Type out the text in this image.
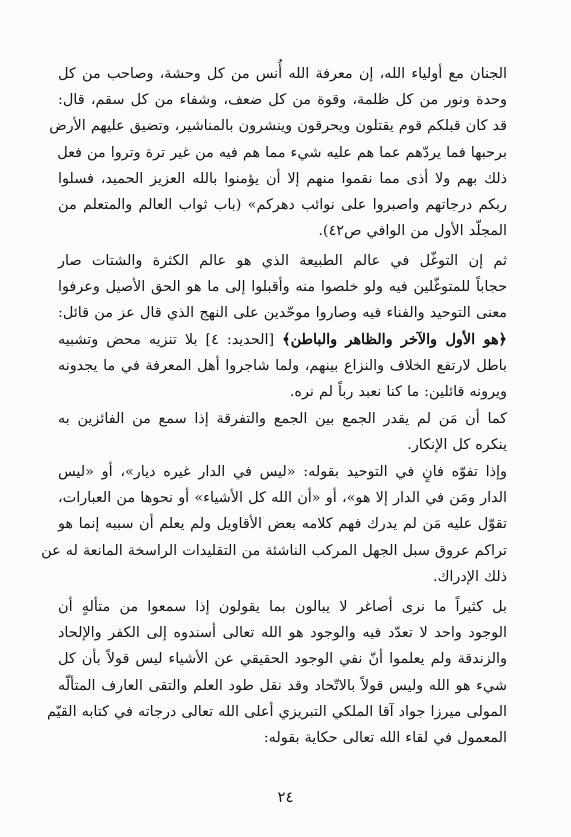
الجنان مع أولياء الله، إن معرفة الله أُنس من كل وحشة، وصاحب من كل
وحدة ونور من كل ظلمة، وقوة من كل ضعف، وشفاء من كل سقم، قال:
قد كان قبلكم قوم يقتلون ويحرقون وينشرون بالمناشير، وتضيق عليهم الأرض
برحبها فما يردّهم عما هم عليه شيء مما هم فيه من غير ترة وتروا من فعل
ذلك بهم ولا أذى مما نقموا منهم إلا أن يؤمنوا بالله العزيز الحميد، فسلوا
ربكم درجاتهم واصبروا على نوائب دهركم» (باب ثواب العالم والمتعلم من
المجلّد الأول من الوافي ص٤٢).
ثم إن التوغّل في عالم الطبيعة الذي هو عالم الكثرة والشتات صار
حجاباً للمتوغّلين فيه ولو خلصوا منه وأقبلوا إلى ما هو الحق الأصيل وعرفوا
معنى التوحيد والفناء فيه وصاروا موحّدين على النهج الذي قال عز من قائل:
﴿هو الأول والآخر والظاهر والباطن﴾ [الحديد: ٤] بلا تنزيه محض وتشبيه
باطل لارتفع الخلاف والنزاع بينهم، ولما شاجروا أهل المعرفة في ما يجدونه
ويرونه قائلين: ما كنا نعبد رباً لم نره.
كما أن مَن لم يقدر الجمع بين الجمع والتفرقة إذا سمع من الفائزين به
ينكره كل الإنكار.
وإذا تفوّه فانٍ في التوحيد بقوله: «ليس في الدار غيره ديار»، أو «ليس
الدار ومَن في الدار إلا هو»، أو «أن الله كل الأشياء» أو نحوها من العبارات،
تقوّل عليه مَن لم يدرك فهم كلامه بعض الأقاويل ولم يعلم أن سببه إنما هو
تراكم عروق سبل الجهل المركب الناشئة من التقليدات الراسخة المانعة له عن
ذلك الإدراك.
بل كثيراً ما نرى أصاغر لا يبالون بما يقولون إذا سمعوا من متألهٍ أن
الوجود واحد لا تعدّد فيه والوجود هو الله تعالى أسندوه إلى الكفر والإلحاد
والزندقة ولم يعلموا أنّ نفي الوجود الحقيقي عن الأشياء ليس قولاً بأن كل
شيء هو الله وليس قولاً بالاتّحاد وقد نقل طود العلم والتقى العارف المتألّه
المولى ميرزا جواد آقا الملكي التبريزي أعلى الله تعالى درجاته في كتابه القيّم
المعمول في لقاء الله تعالى حكاية بقوله:
٢٤
